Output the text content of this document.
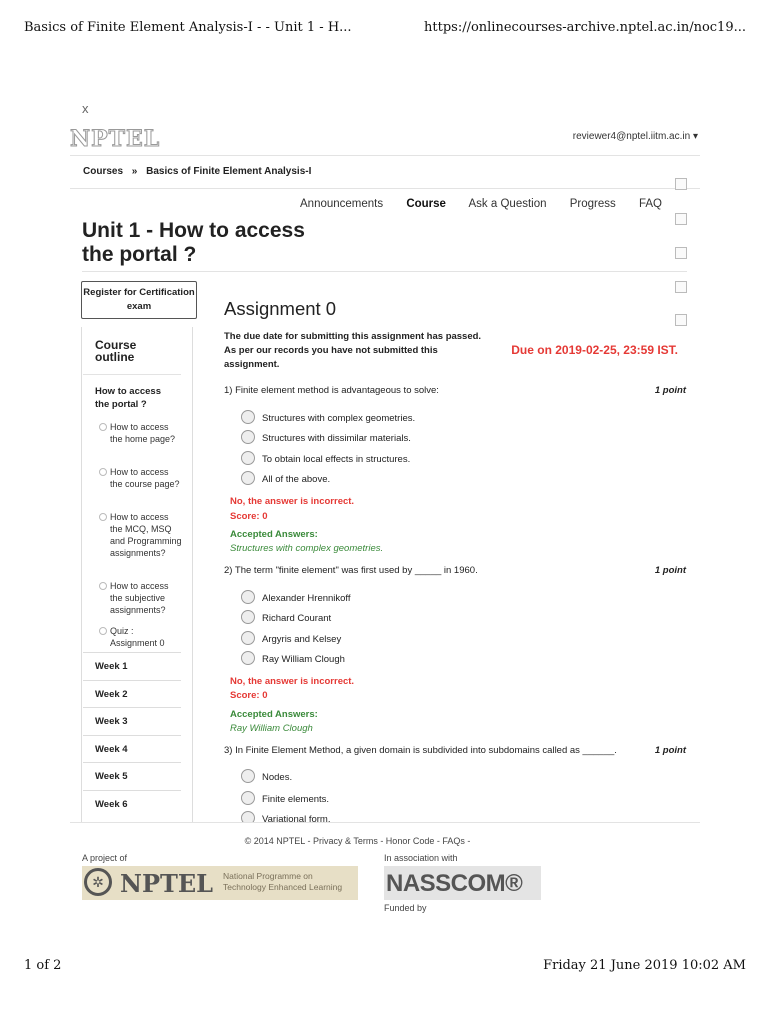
Basics of Finite Element Analysis-I - - Unit 1 - H...	https://onlinecourses-archive.nptel.ac.in/noc19...
x
NPTEL	reviewer4@nptel.iitm.ac.in ▾
Courses » Basics of Finite Element Analysis-I
Announcements Course Ask a Question Progress FAQ
Unit 1 - How to access the portal ?
Register for Certification exam
Course outline
How to access the portal ?
How to access the home page?
How to access the course page?
How to access the MCQ, MSQ and Programming assignments?
How to access the subjective assignments?
Quiz : Assignment 0
Week 1
Week 2
Week 3
Week 4
Week 5
Week 6
Assignment 0
The due date for submitting this assignment has passed.
As per our records you have not submitted this assignment.
Due on 2019-02-25, 23:59 IST.
1) Finite element method is advantageous to solve:	1 point
Structures with complex geometries.
Structures with dissimilar materials.
To obtain local effects in structures.
All of the above.
No, the answer is incorrect.
Score: 0
Accepted Answers:
Structures with complex geometries.
2) The term "finite element" was first used by _____ in 1960.	1 point
Alexander Hrennikoff
Richard Courant
Argyris and Kelsey
Ray William Clough
No, the answer is incorrect.
Score: 0
Accepted Answers:
Ray William Clough
3) In Finite Element Method, a given domain is subdivided into subdomains called as ______.	1 point
Nodes.
Finite elements.
Variational form.
© 2014 NPTEL - Privacy & Terms - Honor Code - FAQs -
A project of	In association with
✲ NPTEL National Programme on Technology Enhanced Learning	NASSCOM®
Funded by
1 of 2	Friday 21 June 2019 10:02 AM
